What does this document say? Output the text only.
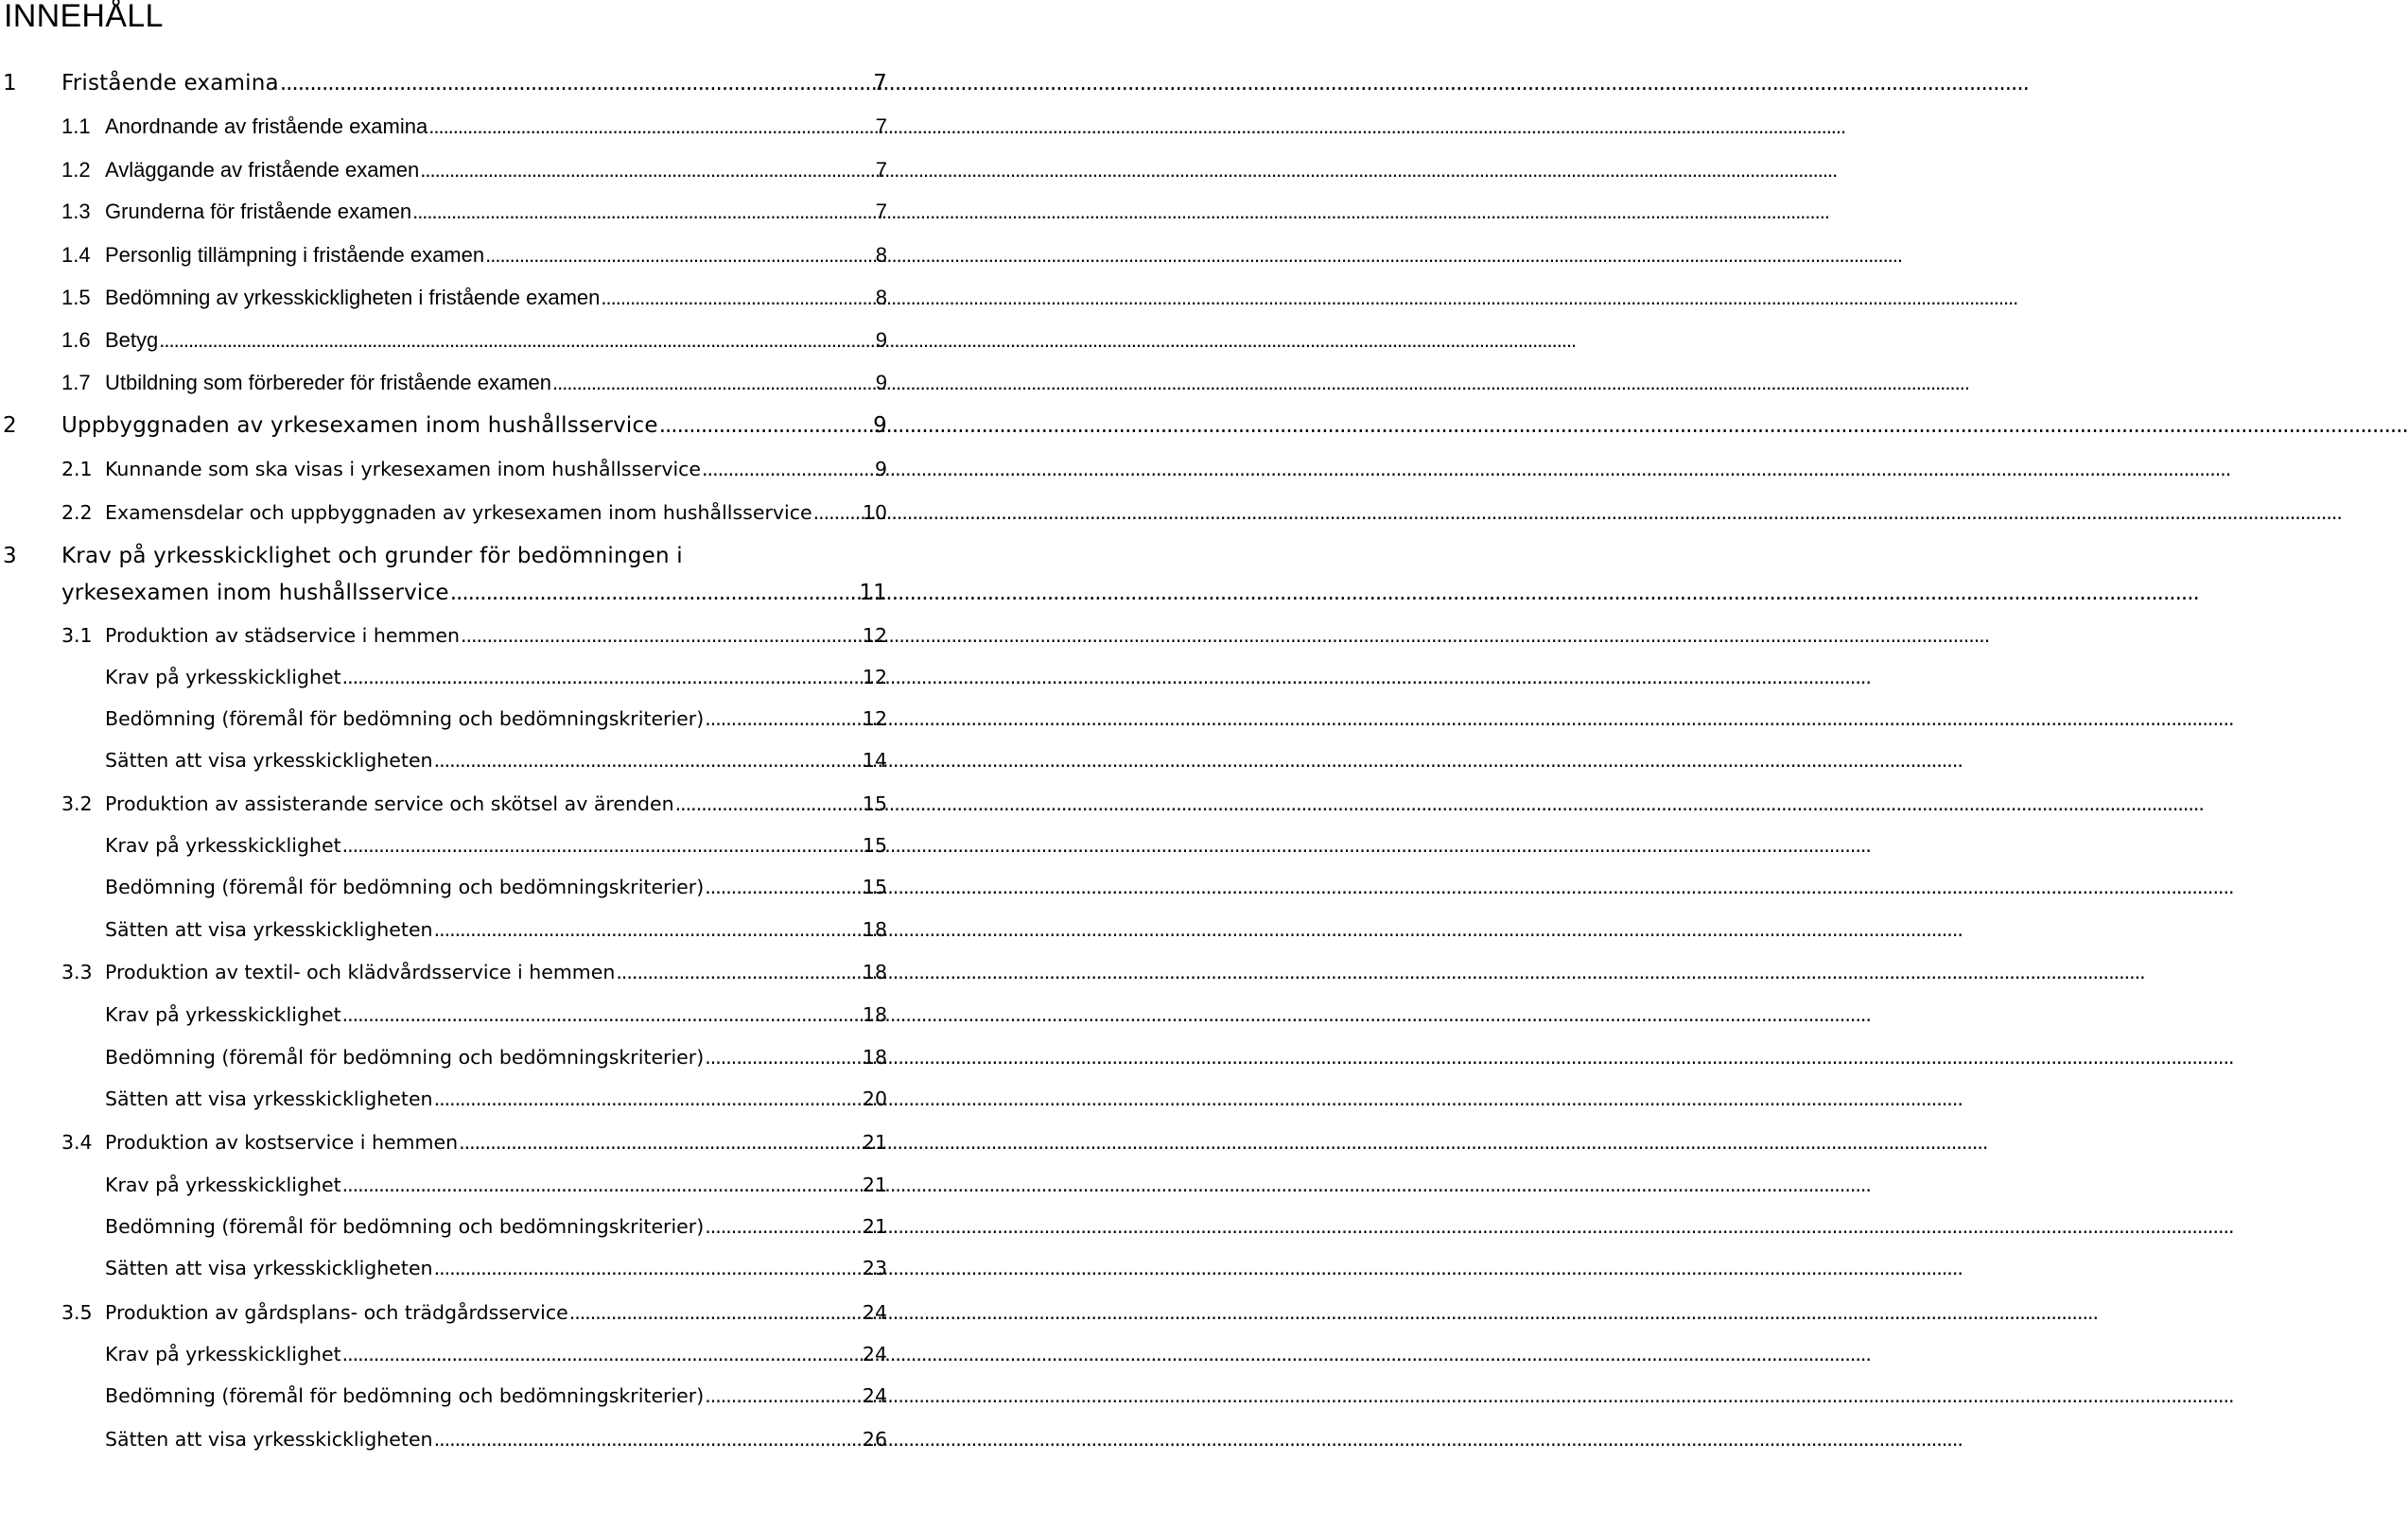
INNEHÅLL
1	Fristående examina .....	7
1.1 Anordnande av fristående examina .....	7
1.2 Avläggande av fristående examen .....	7
1.3 Grunderna för fristående examen .....	7
1.4 Personlig tillämpning i fristående examen .....	8
1.5 Bedömning av yrkesskickligheten i fristående examen .....	8
1.6 Betyg .....	9
1.7 Utbildning som förbereder för fristående examen .....	9
2	Uppbyggnaden av yrkesexamen inom hushållsservice .....	9
2.1 Kunnande som ska visas i yrkesexamen inom hushållsservice .....	9
2.2 Examensdelar och uppbyggnaden av yrkesexamen inom hushållsservice .....	10
3	Krav på yrkesskicklighet och grunder för bedömningen i
yrkesexamen inom hushållsservice .....	11
3.1 Produktion av städservice i hemmen .....	12
Krav på yrkesskicklighet .....	12
Bedömning (föremål för bedömning och bedömningskriterier) .....	12
Sätten att visa yrkesskickligheten .....	14
3.2 Produktion av assisterande service och skötsel av ärenden .....	15
Krav på yrkesskicklighet .....	15
Bedömning (föremål för bedömning och bedömningskriterier) .....	15
Sätten att visa yrkesskickligheten .....	18
3.3 Produktion av textil- och klädvårdsservice i hemmen .....	18
Krav på yrkesskicklighet .....	18
Bedömning (föremål för bedömning och bedömningskriterier) .....	18
Sätten att visa yrkesskickligheten .....	20
3.4 Produktion av kostservice i hemmen .....	21
Krav på yrkesskicklighet .....	21
Bedömning (föremål för bedömning och bedömningskriterier) .....	21
Sätten att visa yrkesskickligheten .....	23
3.5 Produktion av gårdsplans- och trädgårdsservice .....	24
Krav på yrkesskicklighet .....	24
Bedömning (föremål för bedömning och bedömningskriterier) .....	24
Sätten att visa yrkesskickligheten .....	26
